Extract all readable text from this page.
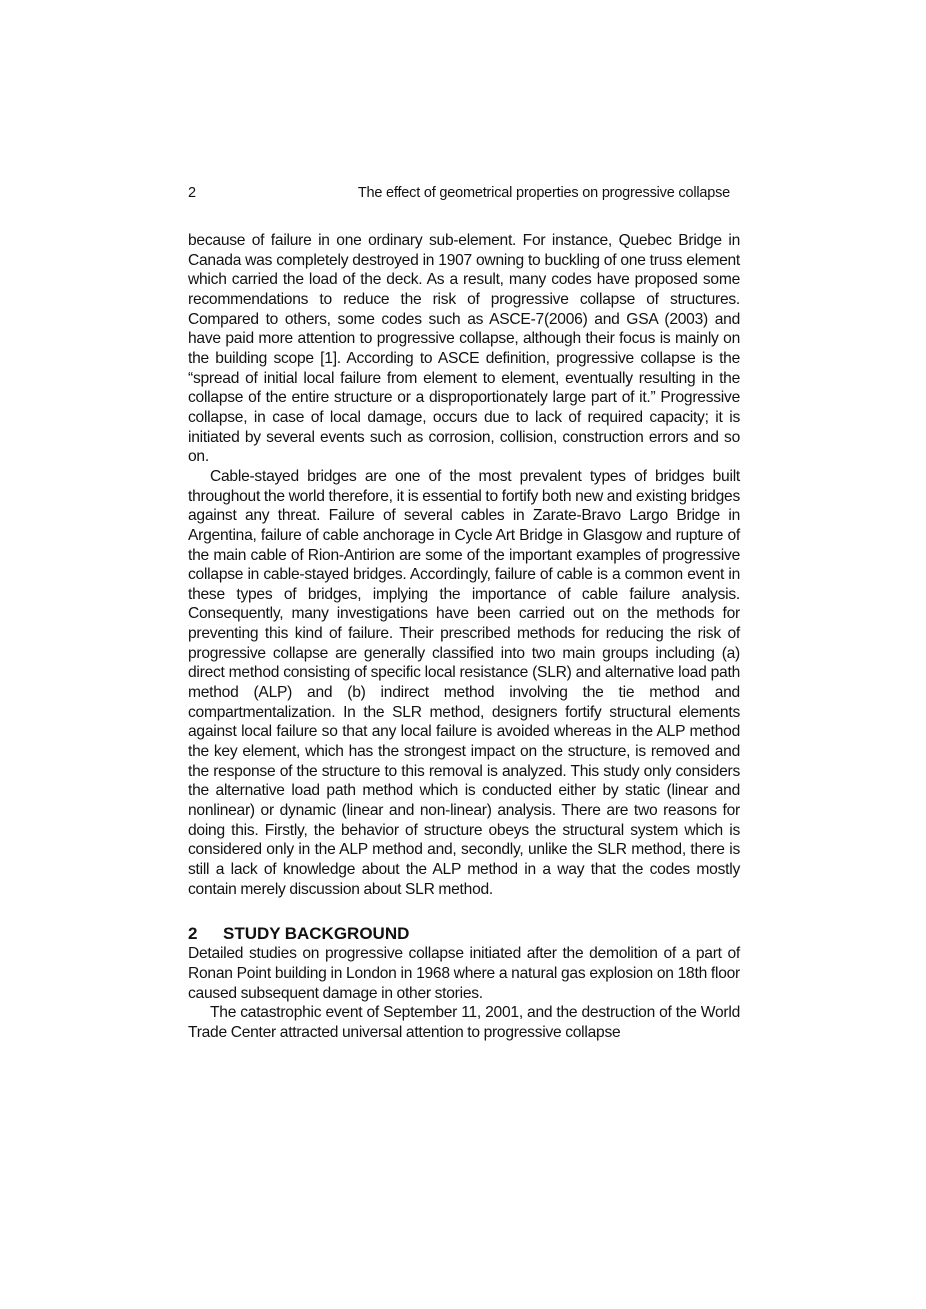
2	The effect of geometrical properties on progressive collapse

because of failure in one ordinary sub-element. For instance, Quebec Bridge in Canada was completely destroyed in 1907 owning to buckling of one truss element which carried the load of the deck. As a result, many codes have proposed some recommendations to reduce the risk of progressive collapse of structures. Compared to others, some codes such as ASCE-7(2006) and GSA (2003) and have paid more attention to progressive collapse, although their focus is mainly on the building scope [1]. According to ASCE definition, progressive collapse is the “spread of initial local failure from element to element, eventually resulting in the collapse of the entire structure or a disproportionately large part of it.” Progressive collapse, in case of local damage, occurs due to lack of required capacity; it is initiated by several events such as corrosion, collision, construction errors and so on.

Cable-stayed bridges are one of the most prevalent types of bridges built throughout the world therefore, it is essential to fortify both new and existing bridges against any threat. Failure of several cables in Zarate-Bravo Largo Bridge in Argentina, failure of cable anchorage in Cycle Art Bridge in Glasgow and rupture of the main cable of Rion-Antirion are some of the important examples of progressive collapse in cable-stayed bridges. Accordingly, failure of cable is a common event in these types of bridges, implying the importance of cable failure analysis. Consequently, many investigations have been carried out on the methods for preventing this kind of failure. Their prescribed methods for reducing the risk of progressive collapse are generally classified into two main groups including (a) direct method consisting of specific local resistance (SLR) and alternative load path method (ALP) and (b) indirect method involving the tie method and compartmentalization. In the SLR method, designers fortify structural elements against local failure so that any local failure is avoided whereas in the ALP method the key element, which has the strongest impact on the structure, is removed and the response of the structure to this removal is analyzed. This study only considers the alternative load path method which is conducted either by static (linear and nonlinear) or dynamic (linear and non-linear) analysis. There are two reasons for doing this. Firstly, the behavior of structure obeys the structural system which is considered only in the ALP method and, secondly, unlike the SLR method, there is still a lack of knowledge about the ALP method in a way that the codes mostly contain merely discussion about SLR method.

2 STUDY BACKGROUND

Detailed studies on progressive collapse initiated after the demolition of a part of Ronan Point building in London in 1968 where a natural gas explosion on 18th floor caused subsequent damage in other stories.

The catastrophic event of September 11, 2001, and the destruction of the World Trade Center attracted universal attention to progressive collapse
